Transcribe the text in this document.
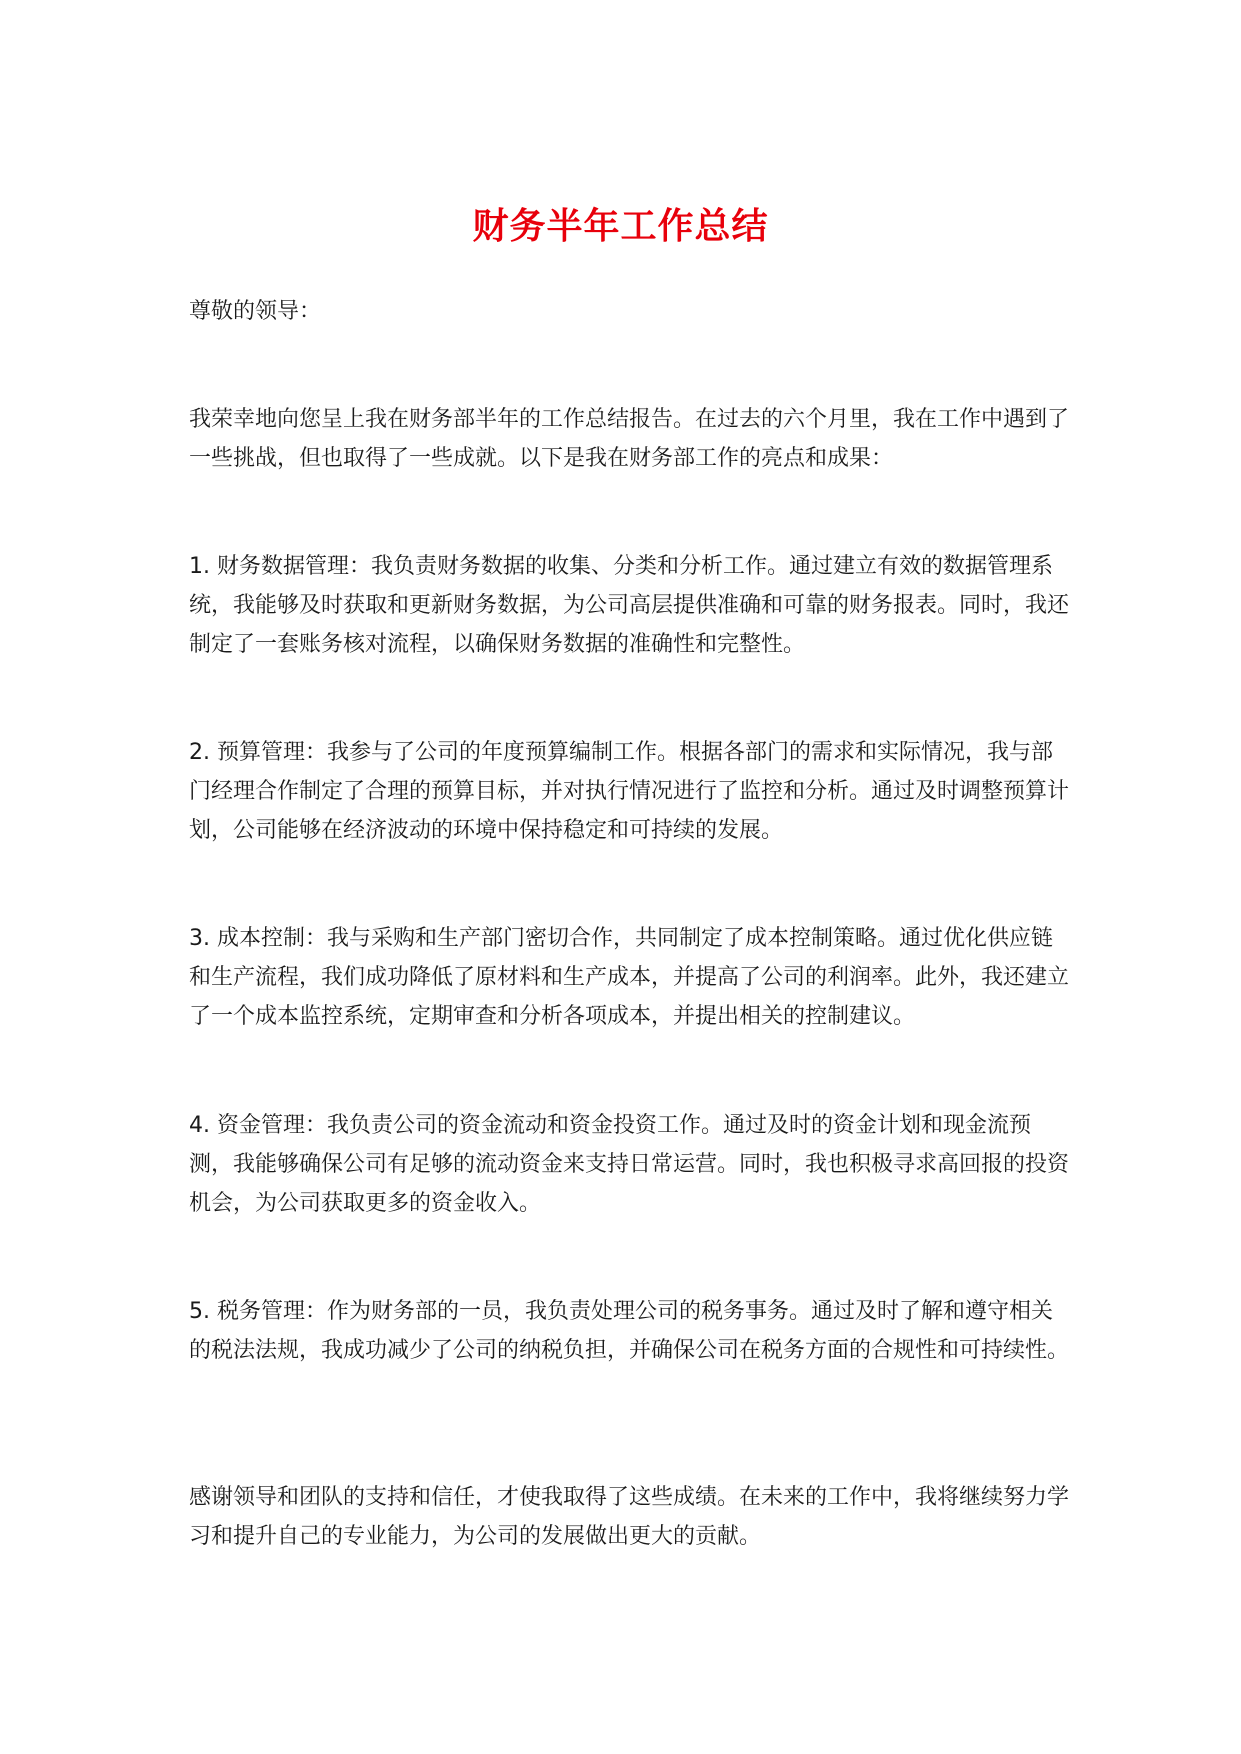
财务半年工作总结

尊敬的领导：

我荣幸地向您呈上我在财务部半年的工作总结报告。在过去的六个月里，我在工作中遇到了一些挑战，但也取得了一些成就。以下是我在财务部工作的亮点和成果：

1. 财务数据管理：我负责财务数据的收集、分类和分析工作。通过建立有效的数据管理系统，我能够及时获取和更新财务数据，为公司高层提供准确和可靠的财务报表。同时，我还制定了一套账务核对流程，以确保财务数据的准确性和完整性。

2. 预算管理：我参与了公司的年度预算编制工作。根据各部门的需求和实际情况，我与部门经理合作制定了合理的预算目标，并对执行情况进行了监控和分析。通过及时调整预算计划，公司能够在经济波动的环境中保持稳定和可持续的发展。

3. 成本控制：我与采购和生产部门密切合作，共同制定了成本控制策略。通过优化供应链和生产流程，我们成功降低了原材料和生产成本，并提高了公司的利润率。此外，我还建立了一个成本监控系统，定期审查和分析各项成本，并提出相关的控制建议。

4. 资金管理：我负责公司的资金流动和资金投资工作。通过及时的资金计划和现金流预测，我能够确保公司有足够的流动资金来支持日常运营。同时，我也积极寻求高回报的投资机会，为公司获取更多的资金收入。

5. 税务管理：作为财务部的一员，我负责处理公司的税务事务。通过及时了解和遵守相关的税法法规，我成功减少了公司的纳税负担，并确保公司在税务方面的合规性和可持续性。

感谢领导和团队的支持和信任，才使我取得了这些成绩。在未来的工作中，我将继续努力学习和提升自己的专业能力，为公司的发展做出更大的贡献。
